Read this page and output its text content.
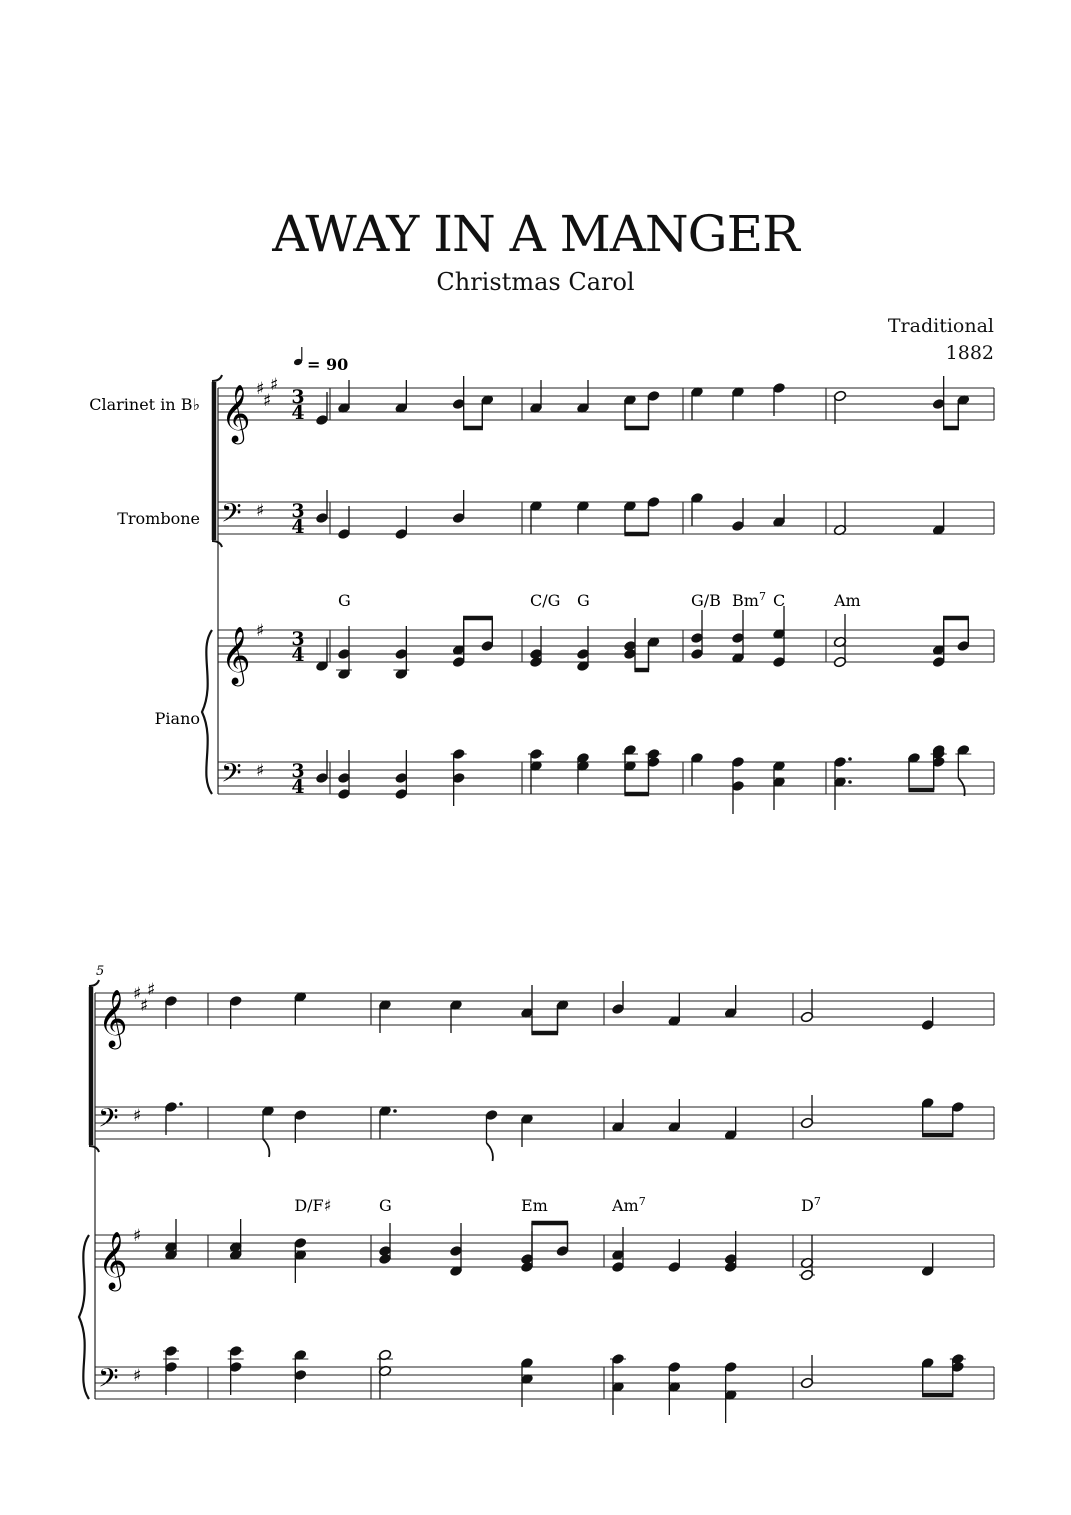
AWAY IN A MANGER
Christmas Carol
Traditional
1882
= 90
𝄞 ♯
♯
♯
3
4
𝄢 ♯ 3
4
𝄞 ♯ 3
4
𝄢 ♯ 3
4
Clarinet in B♭
Trombone
Piano
G	C/G G	G/B Bm$^7$ C	Am
𝄞 ♯
♯
♯
𝄢 ♯
𝄞 ♯
𝄢 ♯
5
D/F♯	G	Em	Am$^7$	$D^7$
